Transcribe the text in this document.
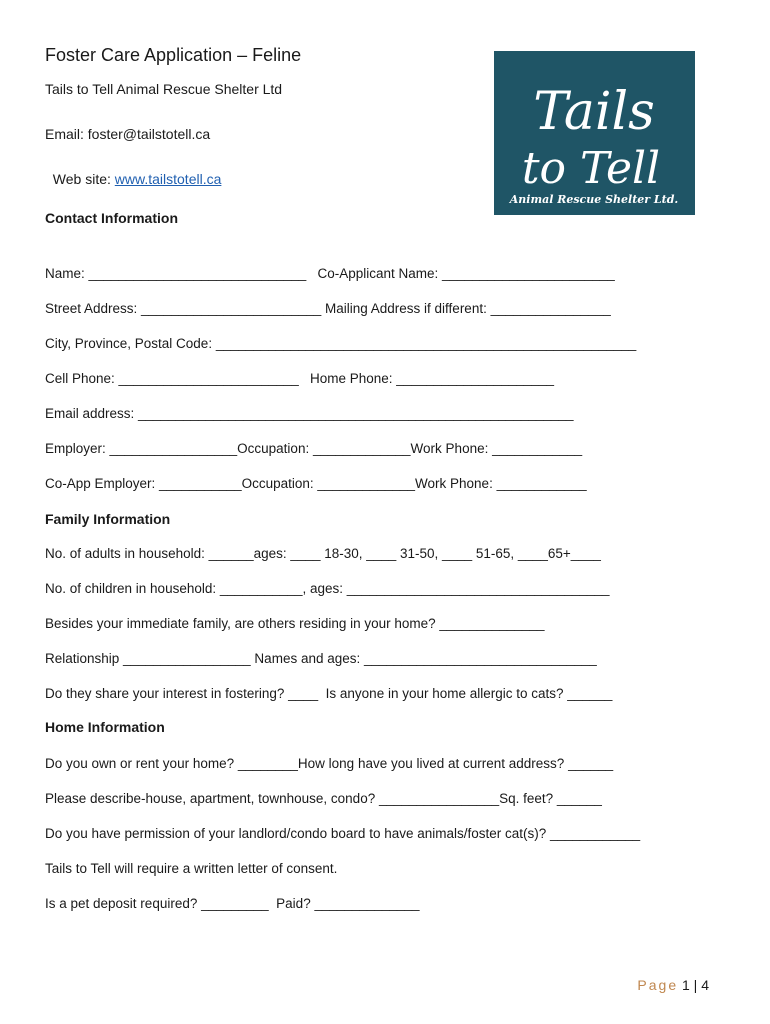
Foster Care Application – Feline
Tails to Tell Animal Rescue Shelter Ltd
Email: foster@tailstotell.ca

Web site: www.tailstotell.ca

Tails
to Tell
Animal Rescue Shelter Ltd.
Contact Information
Name: _____________________________   Co-Applicant Name: _______________________
Street Address: ________________________ Mailing Address if different: ________________
City, Province, Postal Code: ________________________________________________________
Cell Phone: ________________________   Home Phone: _____________________
Email address: __________________________________________________________
Employer: _________________Occupation: _____________Work Phone: ____________
Co-App Employer: ___________Occupation: _____________Work Phone: ____________
Family Information
No. of adults in household: ______ages: ____ 18-30, ____ 31-50, ____ 51-65, ____65+____
No. of children in household: ___________, ages: ___________________________________
Besides your immediate family, are others residing in your home? ______________
Relationship _________________ Names and ages: _______________________________
Do they share your interest in fostering? ____  Is anyone in your home allergic to cats? ______
Home Information
Do you own or rent your home? ________How long have you lived at current address? ______
Please describe-house, apartment, townhouse, condo? ________________Sq. feet? ______
Do you have permission of your landlord/condo board to have animals/foster cat(s)? ____________
Tails to Tell will require a written letter of consent.
Is a pet deposit required? _________  Paid? ______________
Page 1 | 4
